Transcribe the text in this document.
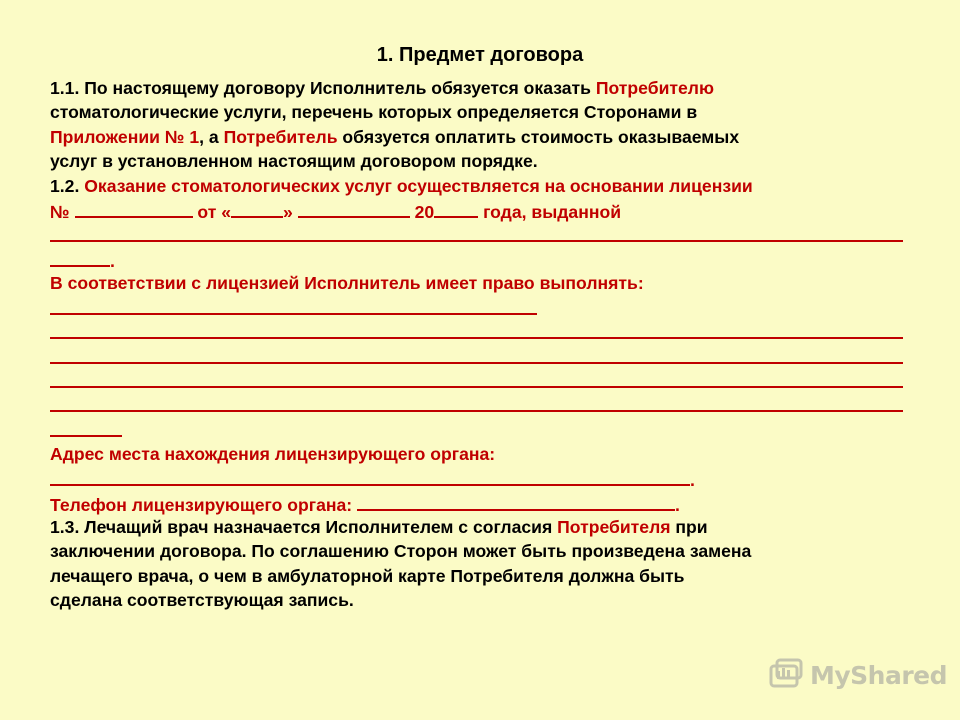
1. Предмет договора
1.1. По настоящему договору Исполнитель обязуется оказать Потребителю
стоматологические услуги, перечень которых определяется Сторонами в
Приложении № 1, а Потребитель обязуется оплатить стоимость оказываемых
услуг в установленном настоящим договором порядке.
1.2. Оказание стоматологических услуг осуществляется на основании лицензии
№	от «	»	20	года, выданной
.
В соответствии с лицензией Исполнитель имеет право выполнять:
Адрес места нахождения лицензирующего органа:
.
Телефон лицензирующего органа:	.
1.3. Лечащий врач назначается Исполнителем с согласия Потребителя при
заключении договора. По соглашению Сторон может быть произведена замена
лечащего врача, о чем в амбулаторной карте Потребителя должна быть
сделана соответствующая запись.
MyShared
